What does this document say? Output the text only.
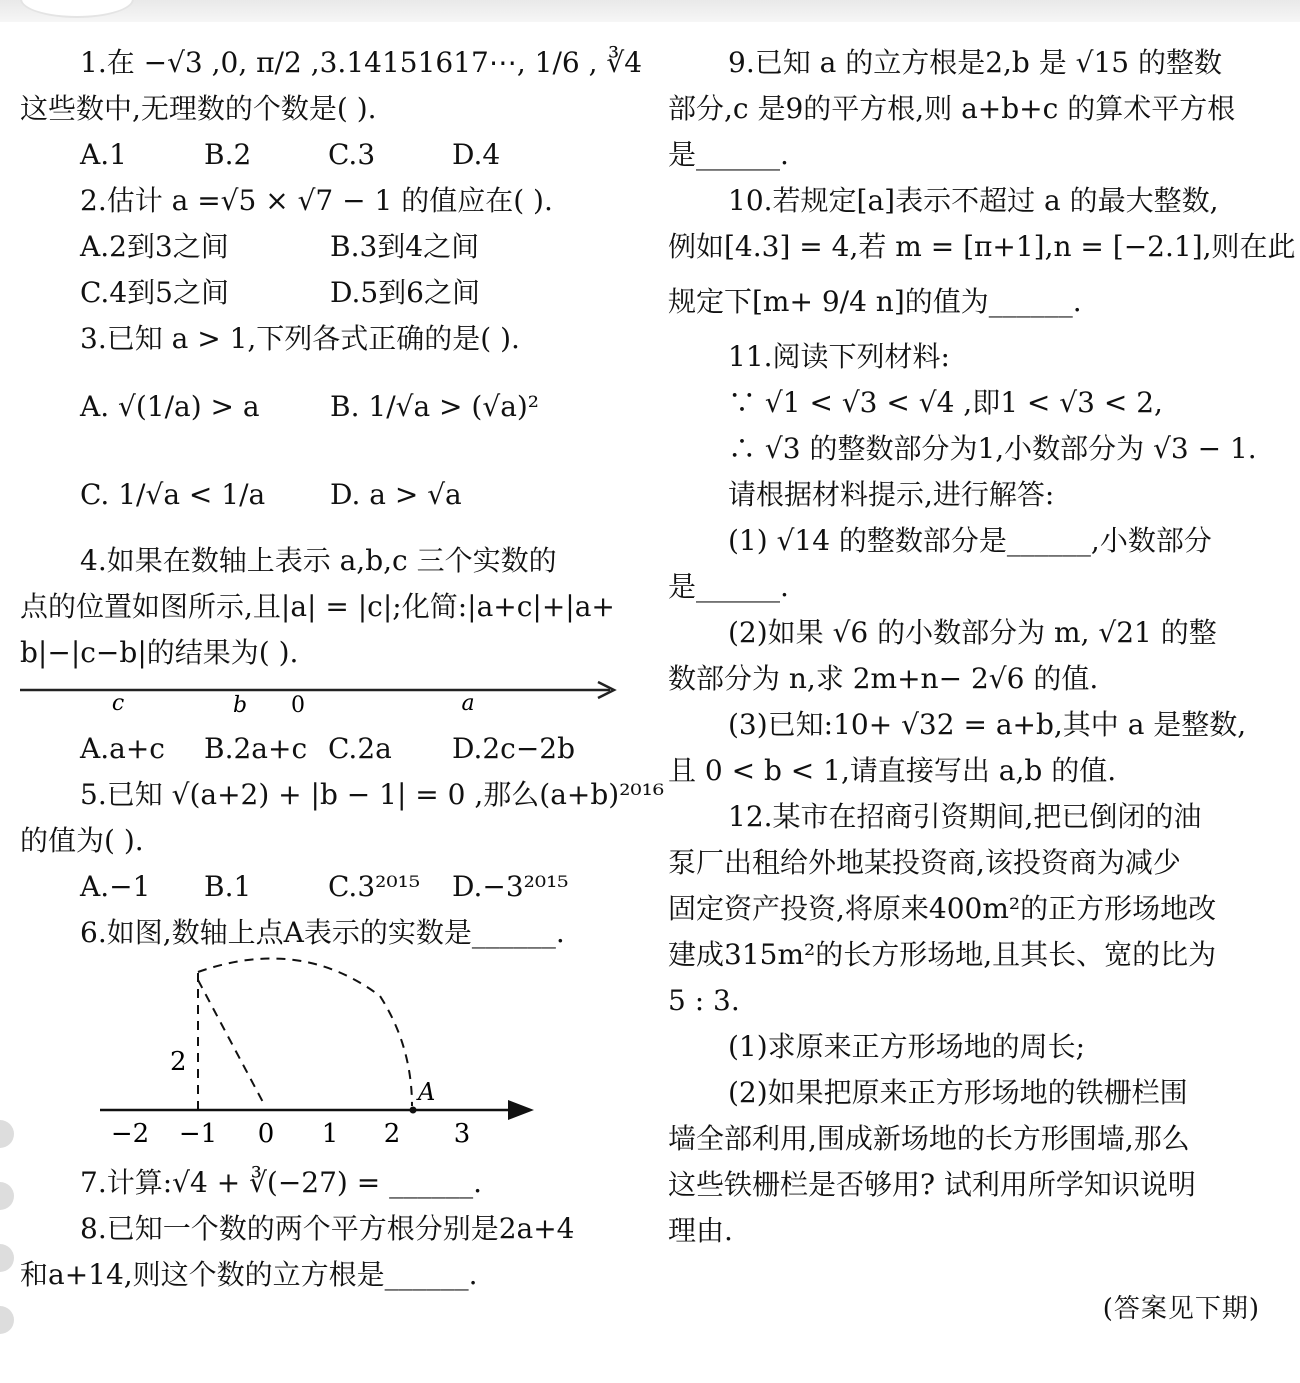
1.在 −√3 ,0, π/2 ,3.14151617⋯, 1/6 , ∛4

这些数中,无理数的个数是( ).

A.1	B.2	C.3	D.4

2.估计 a =√5 × √7 − 1 的值应在( ).

A.2到3之间	B.3到4之间
C.4到5之间	D.5到6之间

3.已知 a > 1,下列各式正确的是( ).

A. √(1/a) > a	B. 1/√a > (√a)²
C. 1/√a < 1/a	D. a > √a

4.如果在数轴上表示 a,b,c 三个实数的

点的位置如图所示,且|a| = |c|;化简:|a+c|+|a+

b|−|c−b|的结果为( ).

c	b 0	a
A.a+c	B.2a+c C.2a	D.2c−2b

5.已知 √(a+2) + |b − 1| = 0 ,那么(a+b)²⁰¹⁶

的值为( ).

A.−1	B.1	C.3²⁰¹⁵	D.−3²⁰¹⁵

6.如图,数轴上点A表示的实数是______.

A
2
−2 −1 0 1 2 3

7.计算:√4 + ∛(−27) = ______.

8.已知一个数的两个平方根分别是2a+4

和a+14,则这个数的立方根是______.

9.已知 a 的立方根是2,b 是 √15 的整数

部分,c 是9的平方根,则 a+b+c 的算术平方根

是______.

10.若规定[a]表示不超过 a 的最大整数,

例如[4.3] = 4,若 m = [π+1],n = [−2.1],则在此

规定下[m+ 9/4 n]的值为______.

11.阅读下列材料:

∵ √1 < √3 < √4 ,即1 < √3 < 2,

∴ √3 的整数部分为1,小数部分为 √3 − 1.

请根据材料提示,进行解答:

(1) √14 的整数部分是______,小数部分

是______.

(2)如果 √6 的小数部分为 m, √21 的整

数部分为 n,求 2m+n− 2√6 的值.

(3)已知:10+ √32 = a+b,其中 a 是整数,

且 0 < b < 1,请直接写出 a,b 的值.

12.某市在招商引资期间,把已倒闭的油

泵厂出租给外地某投资商,该投资商为减少

固定资产投资,将原来400m²的正方形场地改

建成315m²的长方形场地,且其长、宽的比为

5 : 3.

(1)求原来正方形场地的周长;

(2)如果把原来正方形场地的铁栅栏围

墙全部利用,围成新场地的长方形围墙,那么

这些铁栅栏是否够用? 试利用所学知识说明

理由.

(答案见下期)
